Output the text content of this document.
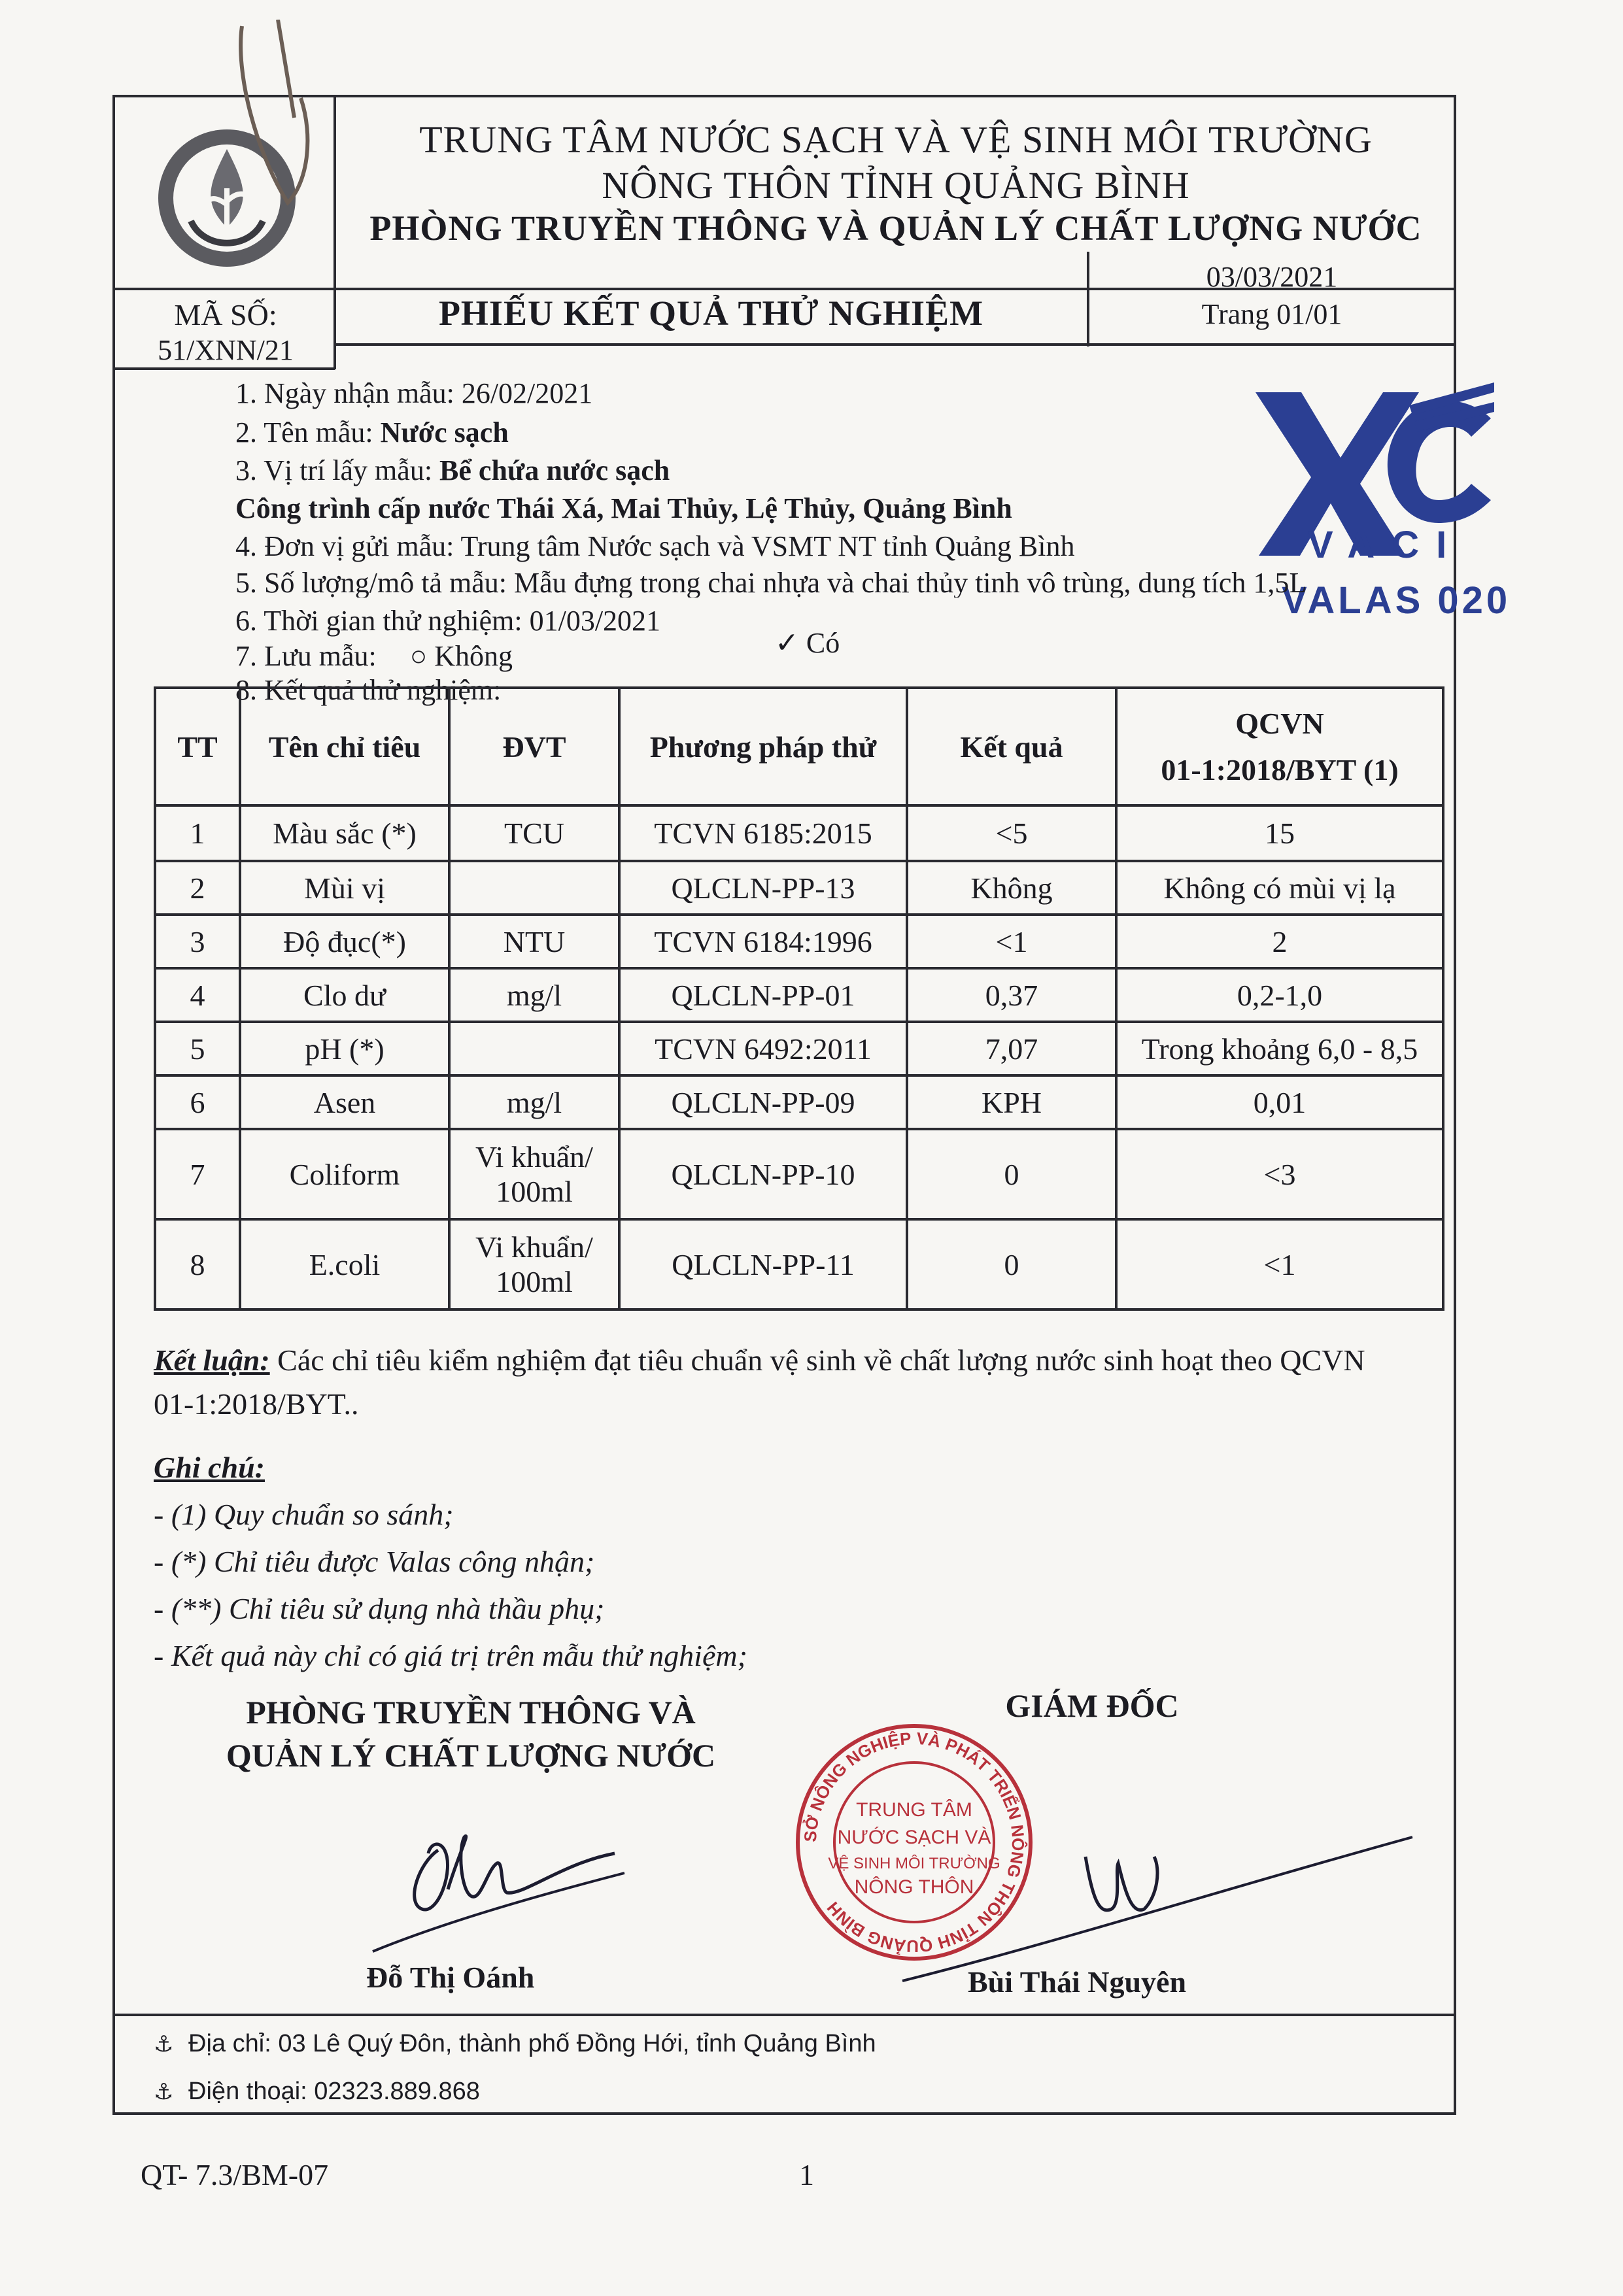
TRUNG TÂM NƯỚC SẠCH VÀ VỆ SINH MÔI TRƯỜNG
NÔNG THÔN TỈNH QUẢNG BÌNH
PHÒNG TRUYỀN THÔNG VÀ QUẢN LÝ CHẤT LƯỢNG NƯỚC
MÃ SỐ:
51/XNN/21
PHIẾU KẾT QUẢ THỬ NGHIỆM
03/03/2021
Trang 01/01
VACI
VALAS 020
1. Ngày nhận mẫu: 26/02/2021
2. Tên mẫu: Nước sạch
3. Vị trí lấy mẫu: Bể chứa nước sạch
Công trình cấp nước Thái Xá, Mai Thủy, Lệ Thủy, Quảng Bình
4. Đơn vị gửi mẫu: Trung tâm Nước sạch và VSMT NT tỉnh Quảng Bình
5. Số lượng/mô tả mẫu: Mẫu đựng trong chai nhựa và chai thủy tinh vô trùng, dung tích 1,5L
6. Thời gian thử nghiệm: 01/03/2021
7. Lưu mẫu: ○ Không	✓ Có
8. Kết quả thử nghiệm:
TT	Tên chỉ tiêu	ĐVT	Phương pháp thử	Kết quả	QCVN
01-1:2018/BYT (1)

1	Màu sắc (*)	TCU	TCVN 6185:2015	<5	15
2	Mùi vị		QLCLN-PP-13	Không	Không có mùi vị lạ
3	Độ đục(*)	NTU	TCVN 6184:1996	<1	2
4	Clo dư	mg/l	QLCLN-PP-01	0,37	0,2-1,0
5	pH (*)		TCVN 6492:2011	7,07	Trong khoảng 6,0 - 8,5
6	Asen	mg/l	QLCLN-PP-09	KPH	0,01
7	Coliform	Vi khuẩn/
100ml	QLCLN-PP-10	0	<3
8	E.coli	Vi khuẩn/
100ml	QLCLN-PP-11	0	<1
Kết luận: Các chỉ tiêu kiểm nghiệm đạt tiêu chuẩn vệ sinh về chất lượng nước sinh hoạt theo QCVN
01-1:2018/BYT..
Ghi chú:
- (1) Quy chuẩn so sánh;
- (*) Chỉ tiêu được Valas công nhận;
- (**) Chỉ tiêu sử dụng nhà thầu phụ;
- Kết quả này chỉ có giá trị trên mẫu thử nghiệm;
PHÒNG TRUYỀN THÔNG VÀ
QUẢN LÝ CHẤT LƯỢNG NƯỚC
GIÁM ĐỐC
Đỗ Thị Oánh
SỞ NÔNG NGHIỆP VÀ PHÁT TRIỂN NÔNG THÔN TỈNH QUẢNG BÌNH
TRUNG TÂM
NƯỚC SẠCH VÀ
VỆ SINH MÔI TRƯỜNG
NÔNG THÔN
Bùi Thái Nguyên
⚓ Địa chỉ: 03 Lê Quý Đôn, thành phố Đồng Hới, tỉnh Quảng Bình
⚓ Điện thoại: 02323.889.868
QT- 7.3/BM-07	1
